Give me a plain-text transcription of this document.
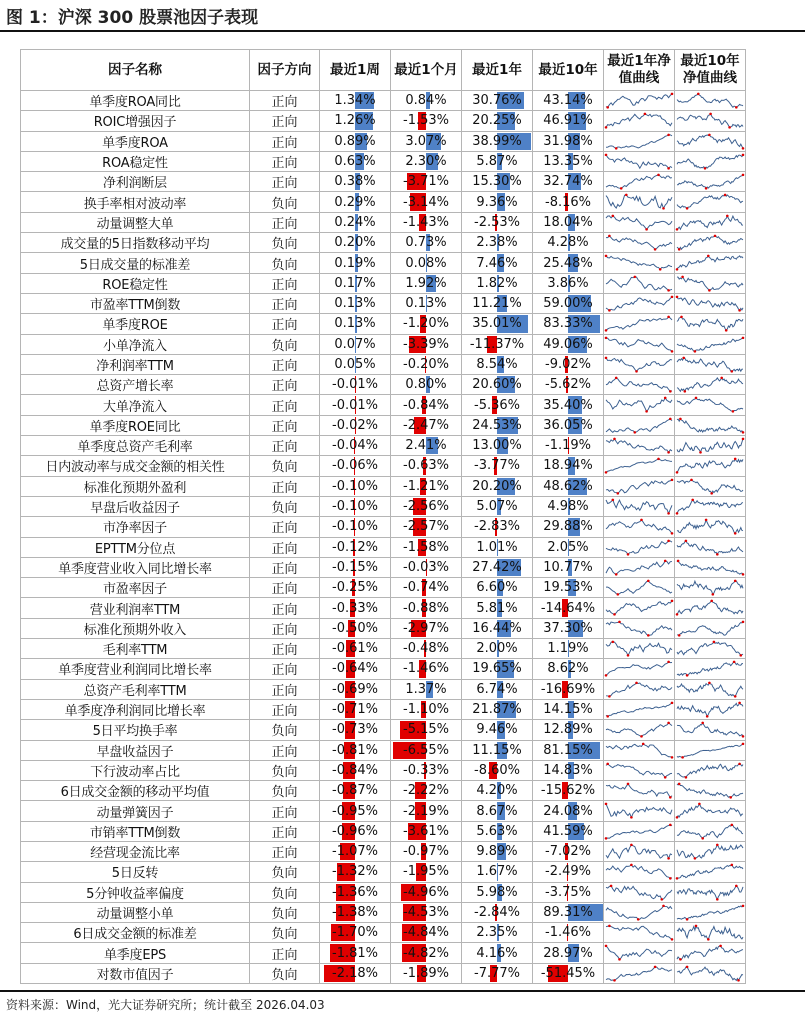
图 1：沪深 300 股票池因子表现
因子名称	因子方向	最近1周	最近1个月	最近1年	最近10年	最近1年净值曲线	最近10年净值曲线
单季度ROA同比	正向	1.34%	0.84%	30.76%	43.14%	

ROIC增强因子	正向	1.26%	-1.53%	20.25%	46.91%	

单季度ROA	正向	0.89%	3.07%	38.99%	31.98%	

ROA稳定性	正向	0.63%	2.30%	5.87%	13.35%	

净利润断层	正向	0.38%	-3.71%	15.30%	32.74%	

换手率相对波动率	负向	0.29%	-3.14%	9.36%	-8.16%	

动量调整大单	正向	0.24%	-1.43%	-2.53%	18.04%	

成交量的5日指数移动平均	负向	0.20%	0.73%	2.38%	4.28%	

5日成交量的标准差	负向	0.19%	0.08%	7.46%	25.48%	

ROE稳定性	正向	0.17%	1.92%	1.82%	3.86%	

市盈率TTM倒数	正向	0.13%	0.13%	11.21%	59.00%	

单季度ROE	正向	0.13%	-1.20%	35.01%	83.33%	

小单净流入	负向	0.07%	-3.39%	-11.37%	49.06%	

净利润率TTM	正向	0.05%	-0.20%	8.54%	-9.02%	

总资产增长率	正向	-0.01%	0.80%	20.60%	-5.62%	

大单净流入	正向	-0.01%	-0.84%	-5.36%	35.40%	

单季度ROE同比	正向	-0.02%	-2.47%	24.53%	36.05%	

单季度总资产毛利率	正向	-0.04%	2.41%	13.00%	-1.19%	

日内波动率与成交金额的相关性	负向	-0.06%	-0.63%	-3.77%	18.94%	

标准化预期外盈利	正向	-0.10%	-1.21%	20.20%	48.62%	

早盘后收益因子	负向	-0.10%	-2.56%	5.07%	4.98%	

市净率因子	正向	-0.10%	-2.57%	-2.83%	29.88%	

EPTTM分位点	正向	-0.12%	-1.58%	1.01%	2.05%	

单季度营业收入同比增长率	正向	-0.15%	-0.03%	27.42%	10.77%	

市盈率因子	正向	-0.25%	-0.74%	6.60%	19.53%	

营业利润率TTM	正向	-0.33%	-0.88%	5.81%	-14.64%	

标准化预期外收入	正向	-0.50%	-2.97%	16.44%	37.30%	

毛利率TTM	正向	-0.61%	-0.48%	2.00%	1.19%	

单季度营业利润同比增长率	正向	-0.64%	-1.46%	19.65%	8.62%	

总资产毛利率TTM	正向	-0.69%	1.37%	6.74%	-16.69%	

单季度净利润同比增长率	正向	-0.71%	-1.10%	21.87%	14.15%	

5日平均换手率	负向	-0.73%	-5.15%	9.46%	12.89%	

早盘收益因子	正向	-0.81%	-6.55%	11.15%	81.15%	

下行波动率占比	负向	-0.84%	-0.33%	-8.60%	14.83%	

6日成交金额的移动平均值	负向	-0.87%	-2.22%	4.20%	-15.62%	

动量弹簧因子	正向	-0.95%	-2.19%	8.67%	24.08%	

市销率TTM倒数	正向	-0.96%	-3.61%	5.63%	41.59%	

经营现金流比率	正向	-1.07%	-0.97%	9.89%	-7.02%	

5日反转	负向	-1.32%	-1.95%	1.67%	-2.49%	

5分钟收益率偏度	负向	-1.36%	-4.96%	5.98%	-3.75%	

动量调整小单	负向	-1.38%	-4.53%	-2.84%	89.31%	

6日成交金额的标准差	负向	-1.70%	-4.84%	2.35%	-1.46%	

单季度EPS	正向	-1.81%	-4.82%	4.16%	28.97%	

对数市值因子	负向	-2.18%	-1.89%	-7.77%	-51.45%	

资料来源：Wind，光大证券研究所；统计截至 2026.04.03
